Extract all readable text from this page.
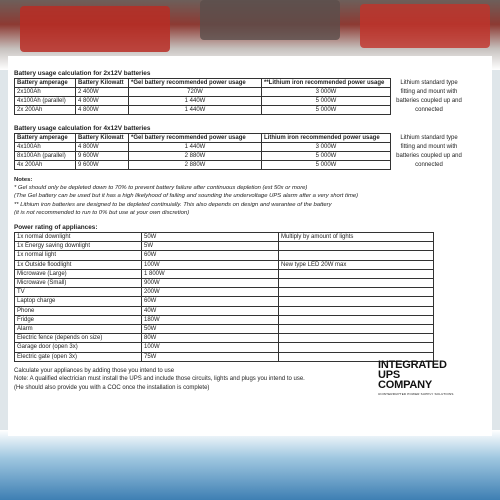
Battery usage calculation for 2x12V batteries
Battery amperage	Battery Kilowatt	*Gel battery recommended power usage	**Lithium iron recommended power usage	Lithium standard type fitting and mount with batteries coupled up and connected
2x100Ah	2 400W	720W	3 000W	
4x100Ah (parallel)	4 800W	1 440W	5 000W	
2x 200Ah	4 800W	1 440W	5 000W	
Battery usage calculation for 4x12V batteries
Battery amperage	Battery Kilowatt	*Gel battery recommended power usage	Lithium iron recommended power usage	Lithium standard type fitting and mount with batteries coupled up and connected
4x100Ah	4 800W	1 440W	3 000W	
8x100Ah (parallel)	9 600W	2 880W	5 000W	
4x 200Ah	9 600W	2 880W	5 000W	
Notes:
* Gel should only be depleted down to 70% to prevent battery failure after continuous depletion (est 50x or more)
(The Gel battery can be used but it has a high likelyhood of failing and sounding the undervoltage UPS alarm after a very short time)
** Lithium iron batteries are designed to be depleted continuially. This also depends on design and warantee of the battery
(it is not recommended to run to 0% but use at your own discretion)
Power rating of appliances:
1x normal downlight	50W	Multiply by amount of lights
1x Energy saving downlight	5W	
1x normal light	60W	
1x Outside floodlight	100W	New type LED 20W max
Microwave (Large)	1 800W	
Microwave (Small)	900W	
TV	200W	
Laptop charge	60W	
Phone	40W	
Fridge	180W	
Alarm	50W	
Electric fence (depends on size)	80W	
Garage door (open 3x)	100W	
Electric gate (open 3x)	75W	
Calculate your appliances by adding those you intend to use
Note: A qualified electrician must install the UPS and include those circuits, lights and plugs you intend to use.
(He should also provide you with a COC once the installation is complete)
INTEGRATED
UPS
COMPANY
UNINTERRUPTED POWER SUPPLY SOLUTIONS
